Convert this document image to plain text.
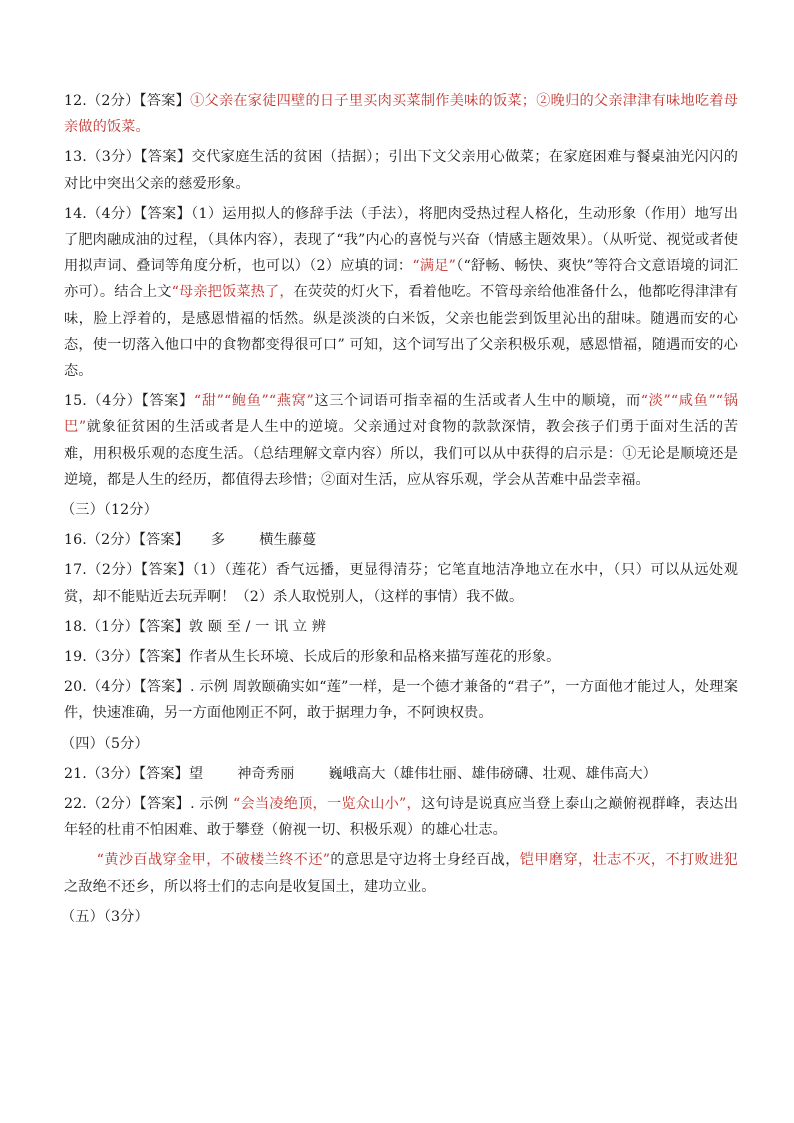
12.（2分）【答案】①父亲在家徒四壁的日子里买肉买菜制作美味的饭菜；②晚归的父亲津津有味地吃着母亲做的饭菜。

13.（3分）【答案】交代家庭生活的贫困（拮据）；引出下文父亲用心做菜；在家庭困难与餐桌油光闪闪的对比中突出父亲的慈爱形象。

14.（4分）【答案】（1）运用拟人的修辞手法（手法），将肥肉受热过程人格化，生动形象（作用）地写出了肥肉融成油的过程，（具体内容），表现了“我”内心的喜悦与兴奋（情感主题效果）。（从听觉、视觉或者使用拟声词、叠词等角度分析，也可以）（2）应填的词：“满足”（“舒畅、畅快、爽快”等符合文意语境的词汇亦可）。结合上文“母亲把饭菜热了，在荧荧的灯火下，看着他吃。不管母亲给他准备什么，他都吃得津津有味，脸上浮着的，是感恩惜福的恬然。纵是淡淡的白米饭，父亲也能尝到饭里沁出的甜味。随遇而安的心态，使一切落入他口中的食物都变得很可口” 可知，这个词写出了父亲积极乐观，感恩惜福，随遇而安的心态。

15.（4分）【答案】“甜”“鲍鱼”“燕窝”这三个词语可指幸福的生活或者人生中的顺境，而“淡”“咸鱼”“锅巴”就象征贫困的生活或者是人生中的逆境。父亲通过对食物的款款深情，教会孩子们勇于面对生活的苦难，用积极乐观的态度生活。（总结理解文章内容）所以，我们可以从中获得的启示是：①无论是顺境还是逆境，都是人生的经历，都值得去珍惜；②面对生活，应从容乐观，学会从苦难中品尝幸福。

（三）（12分）

16.（2分）【答案】 多 横生藤蔓

17.（2分）【答案】（1）（莲花）香气远播，更显得清芬；它笔直地洁净地立在水中，（只）可以从远处观赏，却不能贴近去玩弄啊！（2）杀人取悦别人，（这样的事情）我不做。

18.（1分）【答案】敦 颐 至 / 一 讯 立 辨

19.（3分）【答案】作者从生长环境、长成后的形象和品格来描写莲花的形象。

20.（4分）【答案】. 示例 周敦颐确实如“莲”一样，是一个德才兼备的“君子”，一方面他才能过人，处理案件，快速准确，另一方面他刚正不阿，敢于据理力争，不阿谀权贵。

（四）（5分）

21.（3分）【答案】望 神奇秀丽 巍峨高大（雄伟壮丽、雄伟磅礴、壮观、雄伟高大）

22.（2分）【答案】. 示例 “会当凌绝顶，一览众山小”，这句诗是说真应当登上泰山之巅俯视群峰，表达出年轻的杜甫不怕困难、敢于攀登（俯视一切、积极乐观）的雄心壮志。

“黄沙百战穿金甲，不破楼兰终不还”的意思是守边将士身经百战，铠甲磨穿，壮志不灭，不打败进犯之敌绝不还乡，所以将士们的志向是收复国土，建功立业。

（五）（3分）
